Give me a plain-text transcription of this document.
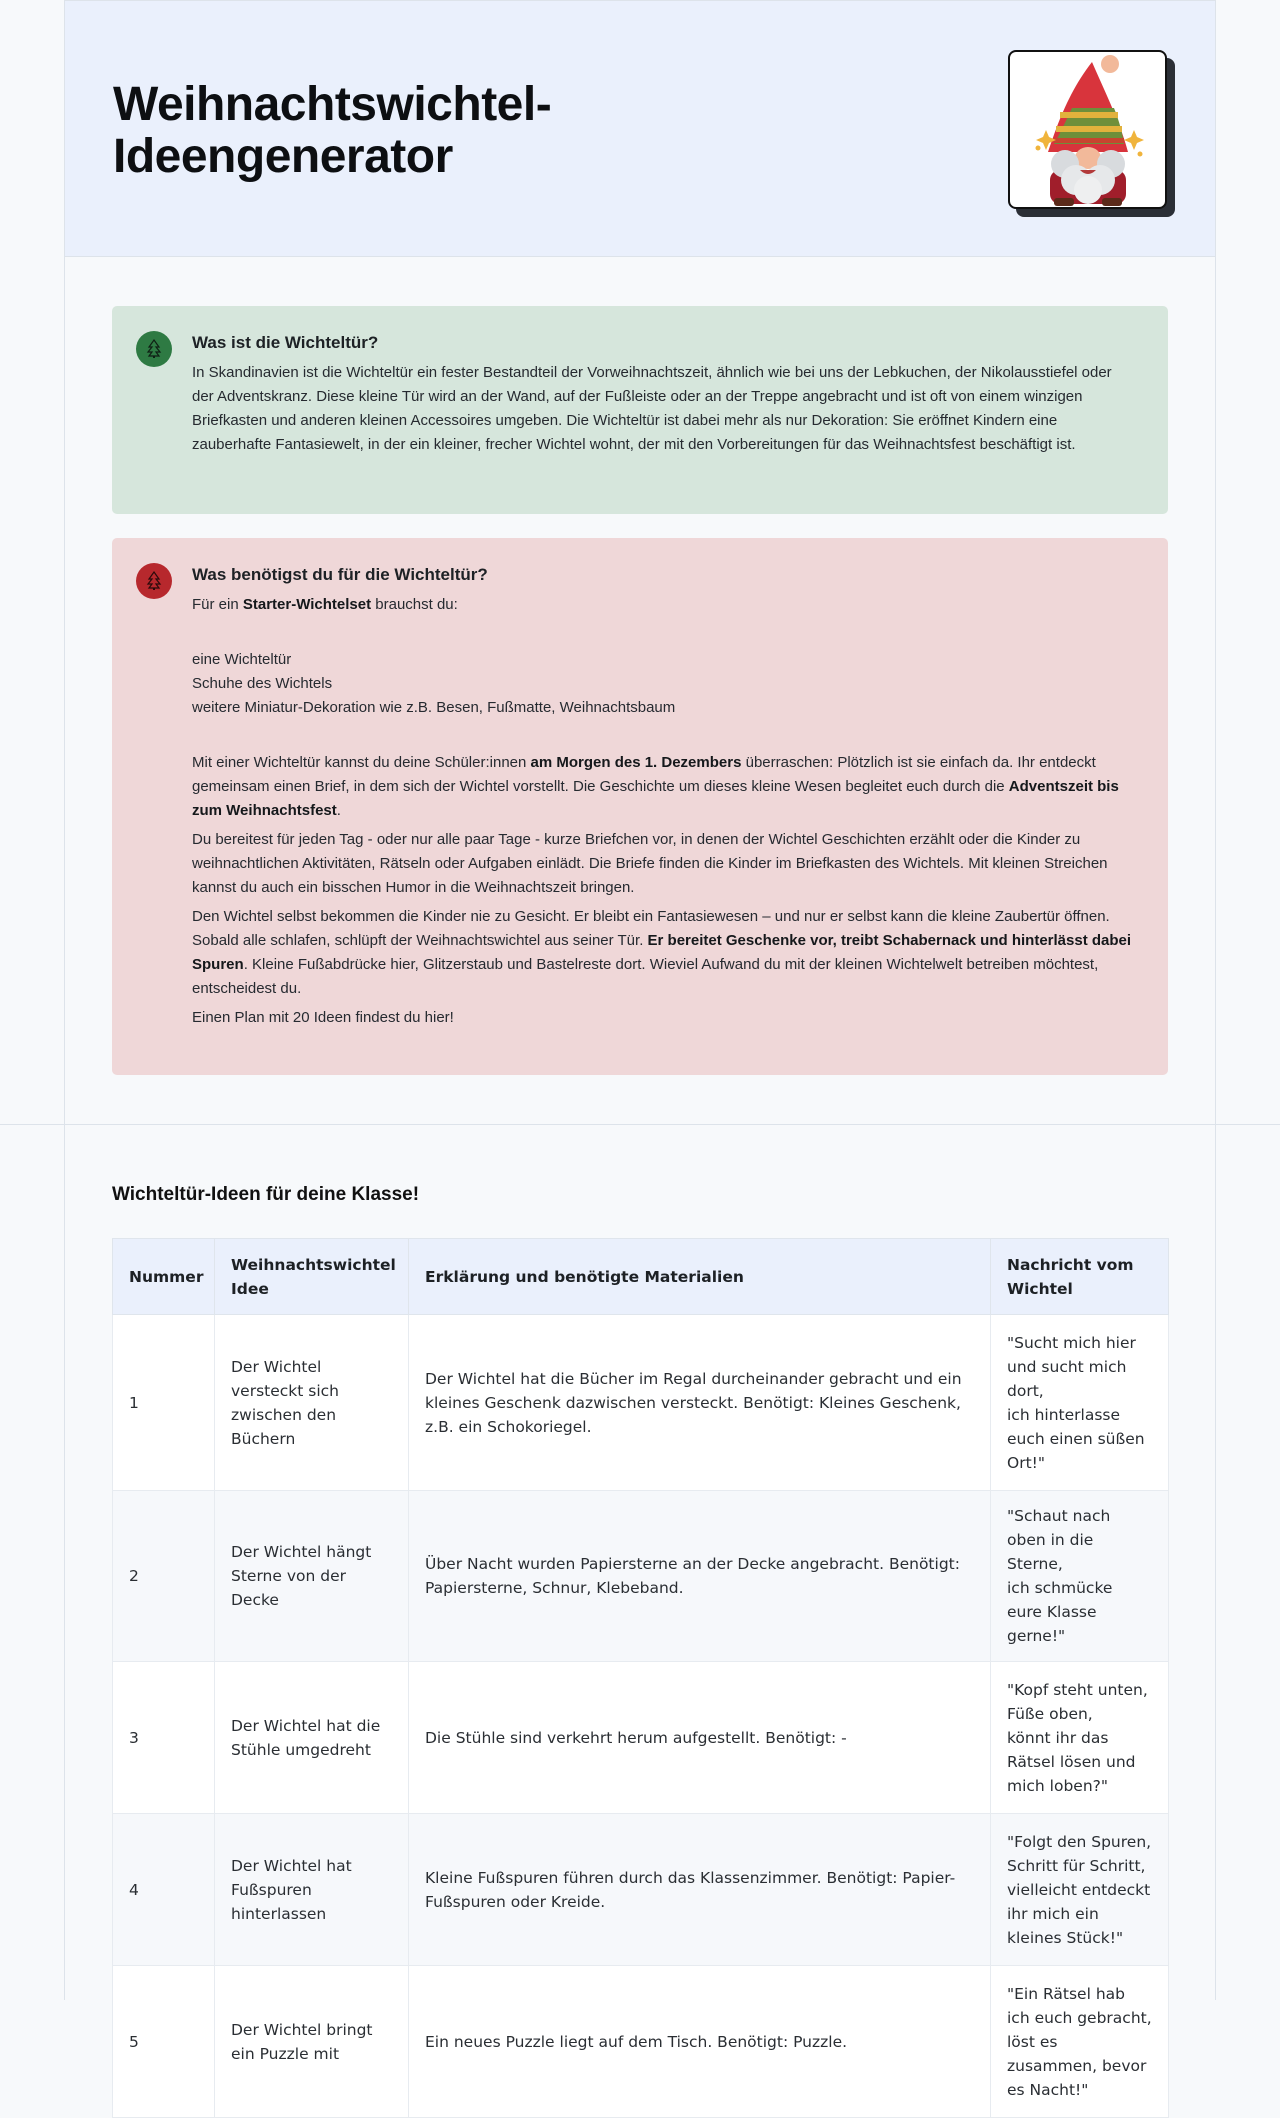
Weihnachtswichtel-Ideengenerator
Was ist die Wichteltür?

In Skandinavien ist die Wichteltür ein fester Bestandteil der Vorweihnachtszeit, ähnlich wie bei uns der Lebkuchen, der Nikolausstiefel oder der Adventskranz. Diese kleine Tür wird an der Wand, auf der Fußleiste oder an der Treppe angebracht und ist oft von einem winzigen Briefkasten und anderen kleinen Accessoires umgeben. Die Wichteltür ist dabei mehr als nur Dekoration: Sie eröffnet Kindern eine zauberhafte Fantasiewelt, in der ein kleiner, frecher Wichtel wohnt, der mit den Vorbereitungen für das Weihnachtsfest beschäftigt ist.

Was benötigst du für die Wichteltür?

Für ein Starter-Wichtelset brauchst du:

eine Wichteltür
Schuhe des Wichtels
weitere Miniatur-Dekoration wie z.B. Besen, Fußmatte, Weihnachtsbaum

Mit einer Wichteltür kannst du deine Schüler:innen am Morgen des 1. Dezembers überraschen: Plötzlich ist sie einfach da. Ihr entdeckt gemeinsam einen Brief, in dem sich der Wichtel vorstellt. Die Geschichte um dieses kleine Wesen begleitet euch durch die Adventszeit bis zum Weihnachtsfest.

Du bereitest für jeden Tag - oder nur alle paar Tage - kurze Briefchen vor, in denen der Wichtel Geschichten erzählt oder die Kinder zu weihnachtlichen Aktivitäten, Rätseln oder Aufgaben einlädt. Die Briefe finden die Kinder im Briefkasten des Wichtels. Mit kleinen Streichen kannst du auch ein bisschen Humor in die Weihnachtszeit bringen.

Den Wichtel selbst bekommen die Kinder nie zu Gesicht. Er bleibt ein Fantasiewesen – und nur er selbst kann die kleine Zaubertür öffnen. Sobald alle schlafen, schlüpft der Weihnachtswichtel aus seiner Tür. Er bereitet Geschenke vor, treibt Schabernack und hinterlässt dabei Spuren. Kleine Fußabdrücke hier, Glitzerstaub und Bastelreste dort. Wieviel Aufwand du mit der kleinen Wichtelwelt betreiben möchtest, entscheidest du.

Einen Plan mit 20 Ideen findest du hier!

Wichteltür-Ideen für deine Klasse!
Nummer	Weihnachtswichtel Idee	Erklärung und benötigte Materialien	Nachricht vom Wichtel
1	Der Wichtel versteckt sich zwischen den Büchern	Der Wichtel hat die Bücher im Regal durcheinander gebracht und ein kleines Geschenk dazwischen versteckt. Benötigt: Kleines Geschenk, z.B. ein Schokoriegel.	"Sucht mich hier und sucht mich dort,
ich hinterlasse euch einen süßen Ort!"
2	Der Wichtel hängt Sterne von der Decke	Über Nacht wurden Papiersterne an der Decke angebracht. Benötigt: Papiersterne, Schnur, Klebeband.	"Schaut nach oben in die Sterne,
ich schmücke eure Klasse gerne!"
3	Der Wichtel hat die Stühle umgedreht	Die Stühle sind verkehrt herum aufgestellt. Benötigt: -	"Kopf steht unten, Füße oben,
könnt ihr das Rätsel lösen und mich loben?"
4	Der Wichtel hat Fußspuren hinterlassen	Kleine Fußspuren führen durch das Klassenzimmer. Benötigt: Papier-Fußspuren oder Kreide.	"Folgt den Spuren, Schritt für Schritt,
vielleicht entdeckt ihr mich ein kleines Stück!"
5	Der Wichtel bringt ein Puzzle mit	Ein neues Puzzle liegt auf dem Tisch. Benötigt: Puzzle.	"Ein Rätsel hab ich euch gebracht,
löst es zusammen, bevor es Nacht!"
